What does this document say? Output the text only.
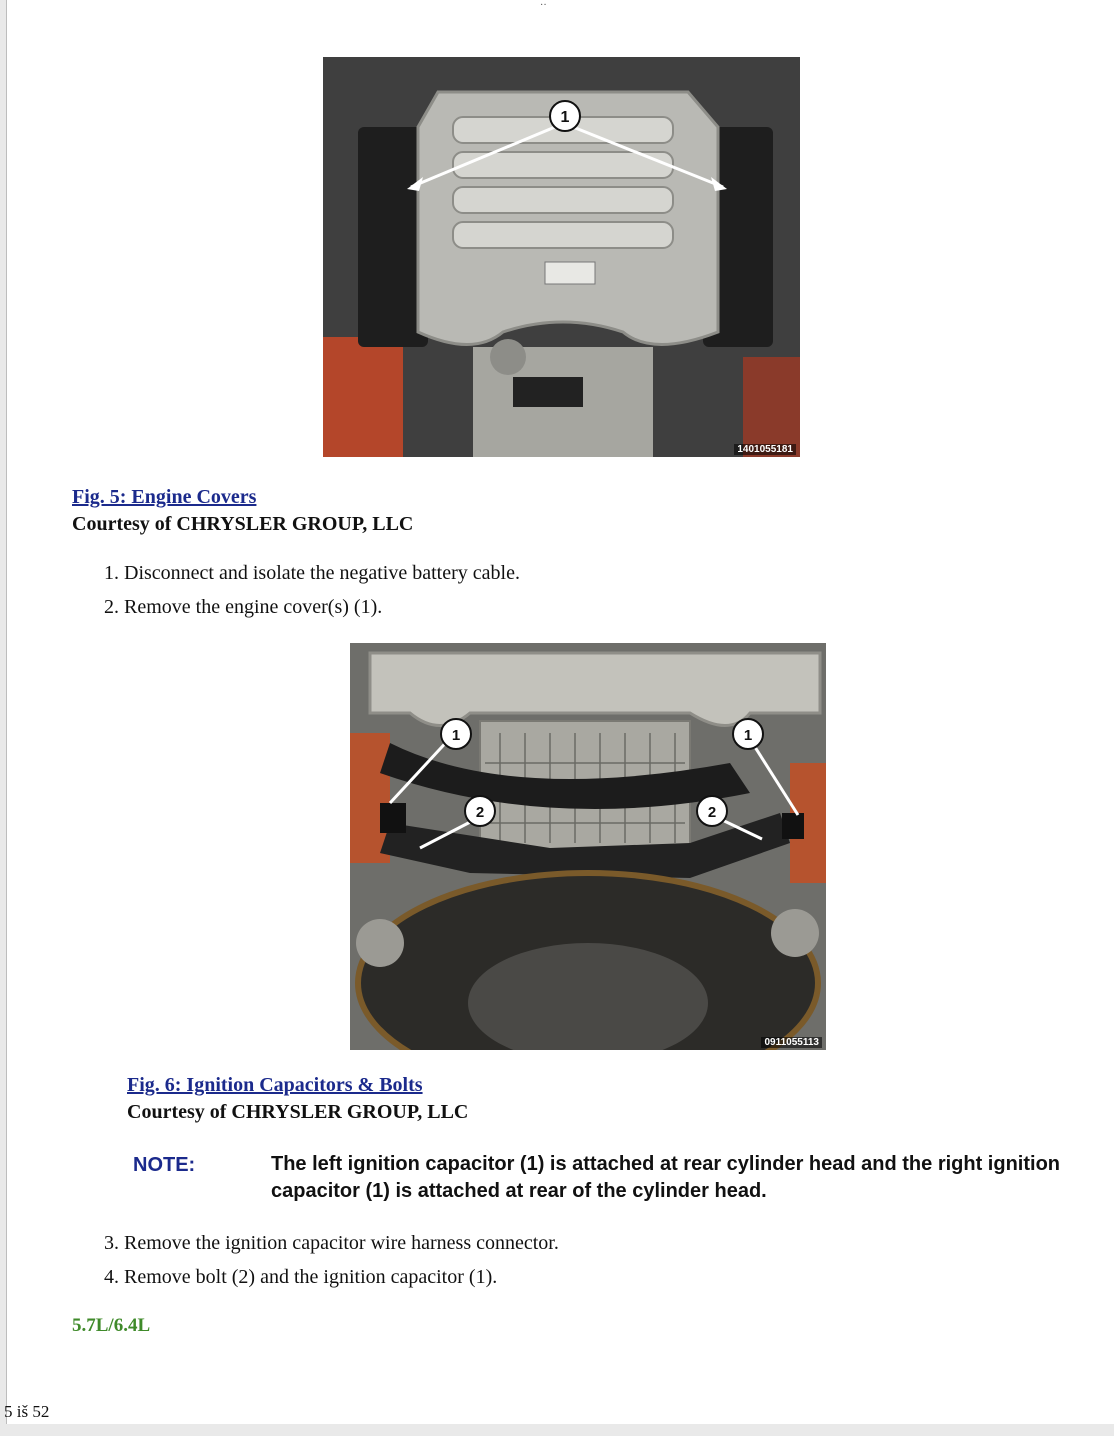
··
1
1401055181
Fig. 5: Engine Covers
Courtesy of CHRYSLER GROUP, LLC
1. Disconnect and isolate the negative battery cable.
2. Remove the engine cover(s) (1).
1	1
2	2
0911055113
Fig. 6: Ignition Capacitors & Bolts
Courtesy of CHRYSLER GROUP, LLC
NOTE:	The left ignition capacitor (1) is attached at rear cylinder head and the right ignition capacitor (1) is attached at rear of the cylinder head.
3. Remove the ignition capacitor wire harness connector.
4. Remove bolt (2) and the ignition capacitor (1).
5.7L/6.4L
5 iš 52
